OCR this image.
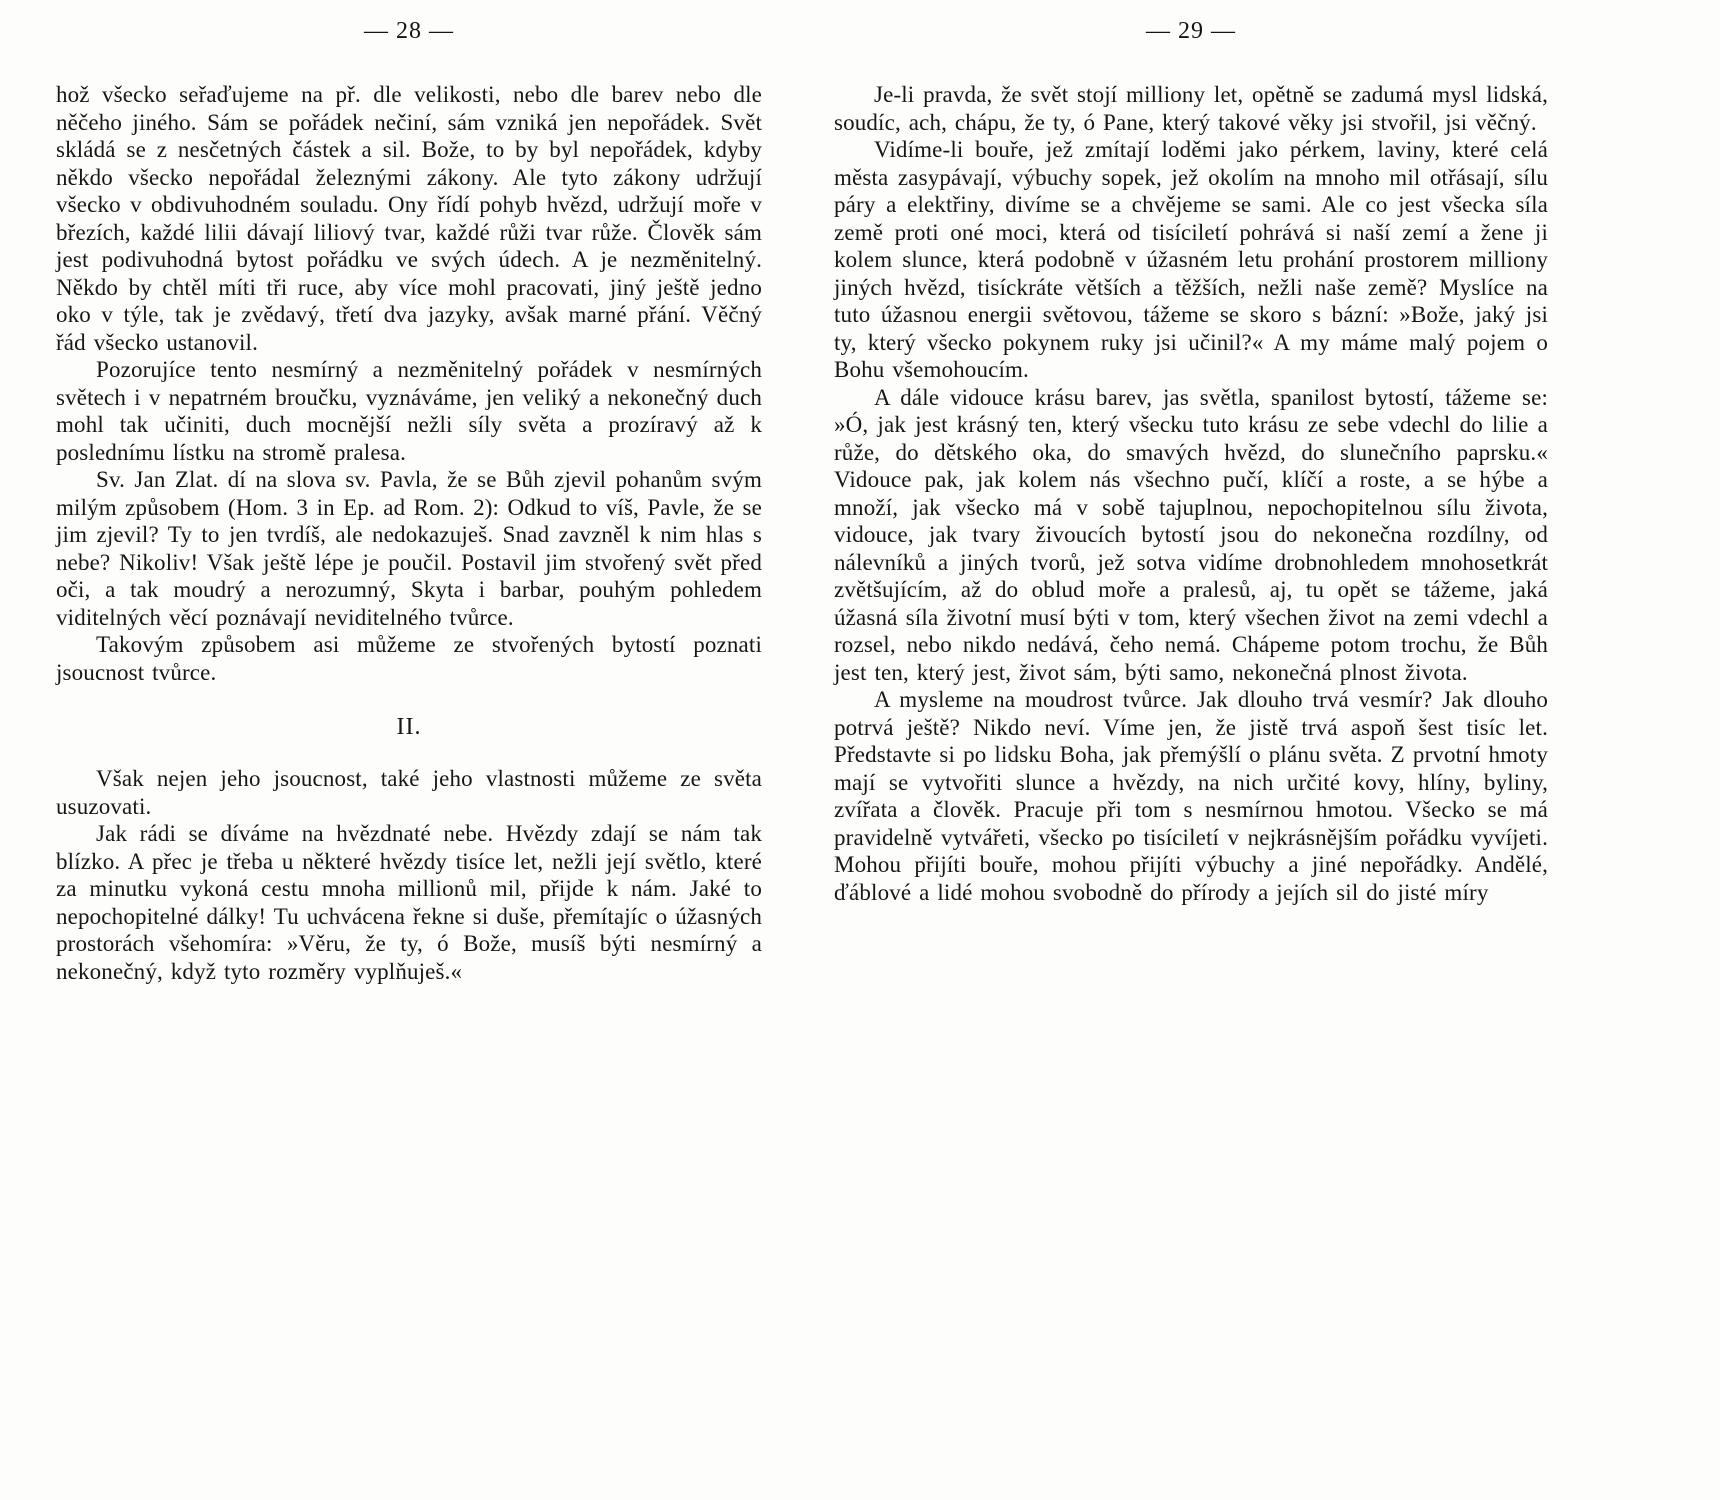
— 28 —

hož všecko seřaďujeme na př. dle velikosti, nebo dle barev nebo dle něčeho jiného. Sám se pořádek nečiní, sám vzniká jen nepořádek. Svět skládá se z nesčetných částek a sil. Bože, to by byl nepořádek, kdyby někdo všecko nepořádal železnými zákony. Ale tyto zákony udržují všecko v obdivuhodném souladu. Ony řídí pohyb hvězd, udržují moře v březích, každé lilii dávají liliový tvar, každé růži tvar růže. Člověk sám jest podivuhodná bytost pořádku ve svých údech. A je nezměnitelný. Někdo by chtěl míti tři ruce, aby více mohl pracovati, jiný ještě jedno oko v týle, tak je zvědavý, třetí dva jazyky, avšak marné přání. Věčný řád všecko ustanovil.

Pozorujíce tento nesmírný a nezměnitelný pořádek v nesmírných světech i v nepatrném broučku, vyznáváme, jen veliký a nekonečný duch mohl tak učiniti, duch mocnější nežli síly světa a prozíravý až k poslednímu lístku na stromě pralesa.

Sv. Jan Zlat. dí na slova sv. Pavla, že se Bůh zjevil pohanům svým milým způsobem (Hom. 3 in Ep. ad Rom. 2): Odkud to víš, Pavle, že se jim zjevil? Ty to jen tvrdíš, ale nedokazuješ. Snad zavzněl k nim hlas s nebe? Nikoliv! Však ještě lépe je poučil. Postavil jim stvořený svět před oči, a tak moudrý a nerozumný, Skyta i barbar, pouhým pohledem viditelných věcí poznávají neviditelného tvůrce.

Takovým způsobem asi můžeme ze stvořených bytostí poznati jsoucnost tvůrce.

II.

Však nejen jeho jsoucnost, také jeho vlastnosti můžeme ze světa usuzovati.

Jak rádi se díváme na hvězdnaté nebe. Hvězdy zdají se nám tak blízko. A přec je třeba u některé hvězdy tisíce let, nežli její světlo, které za minutku vykoná cestu mnoha millionů mil, přijde k nám. Jaké to nepochopitelné dálky! Tu uchvácena řekne si duše, přemítajíc o úžasných prostorách všehomíra: »Věru, že ty, ó Bože, musíš býti nesmírný a nekonečný, když tyto rozměry vyplňuješ.«

— 29 —

Je-li pravda, že svět stojí milliony let, opětně se zadumá mysl lidská, soudíc, ach, chápu, že ty, ó Pane, který takové věky jsi stvořil, jsi věčný.

Vidíme-li bouře, jež zmítají loděmi jako pérkem, laviny, které celá města zasypávají, výbuchy sopek, jež okolím na mnoho mil otřásají, sílu páry a elektřiny, divíme se a chvějeme se sami. Ale co jest všecka síla země proti oné moci, která od tisíciletí pohrává si naší zemí a žene ji kolem slunce, která podobně v úžasném letu prohání prostorem milliony jiných hvězd, tisíckráte větších a těžších, nežli naše země? Myslíce na tuto úžasnou energii světovou, tážeme se skoro s bázní: »Bože, jaký jsi ty, který všecko pokynem ruky jsi učinil?« A my máme malý pojem o Bohu všemohoucím.

A dále vidouce krásu barev, jas světla, spanilost bytostí, tážeme se: »Ó, jak jest krásný ten, který všecku tuto krásu ze sebe vdechl do lilie a růže, do dětského oka, do smavých hvězd, do slunečního paprsku.« Vidouce pak, jak kolem nás všechno pučí, klíčí a roste, a se hýbe a množí, jak všecko má v sobě tajuplnou, nepochopitelnou sílu života, vidouce, jak tvary živoucích bytostí jsou do nekonečna rozdílny, od nálevníků a jiných tvorů, jež sotva vidíme drobnohledem mnohosetkrát zvětšujícím, až do oblud moře a pralesů, aj, tu opět se tážeme, jaká úžasná síla životní musí býti v tom, který všechen život na zemi vdechl a rozsel, nebo nikdo nedává, čeho nemá. Chápeme potom trochu, že Bůh jest ten, který jest, život sám, býti samo, nekonečná plnost života.

A mysleme na moudrost tvůrce. Jak dlouho trvá vesmír? Jak dlouho potrvá ještě? Nikdo neví. Víme jen, že jistě trvá aspoň šest tisíc let. Představte si po lidsku Boha, jak přemýšlí o plánu světa. Z prvotní hmoty mají se vytvořiti slunce a hvězdy, na nich určité kovy, hlíny, byliny, zvířata a člověk. Pracuje při tom s nesmírnou hmotou. Všecko se má pravidelně vytvářeti, všecko po tisíciletí v nejkrásnějším pořádku vyvíjeti. Mohou přijíti bouře, mohou přijíti výbuchy a jiné nepořádky. Andělé, ďáblové a lidé mohou svobodně do přírody a jejích sil do jisté míry
